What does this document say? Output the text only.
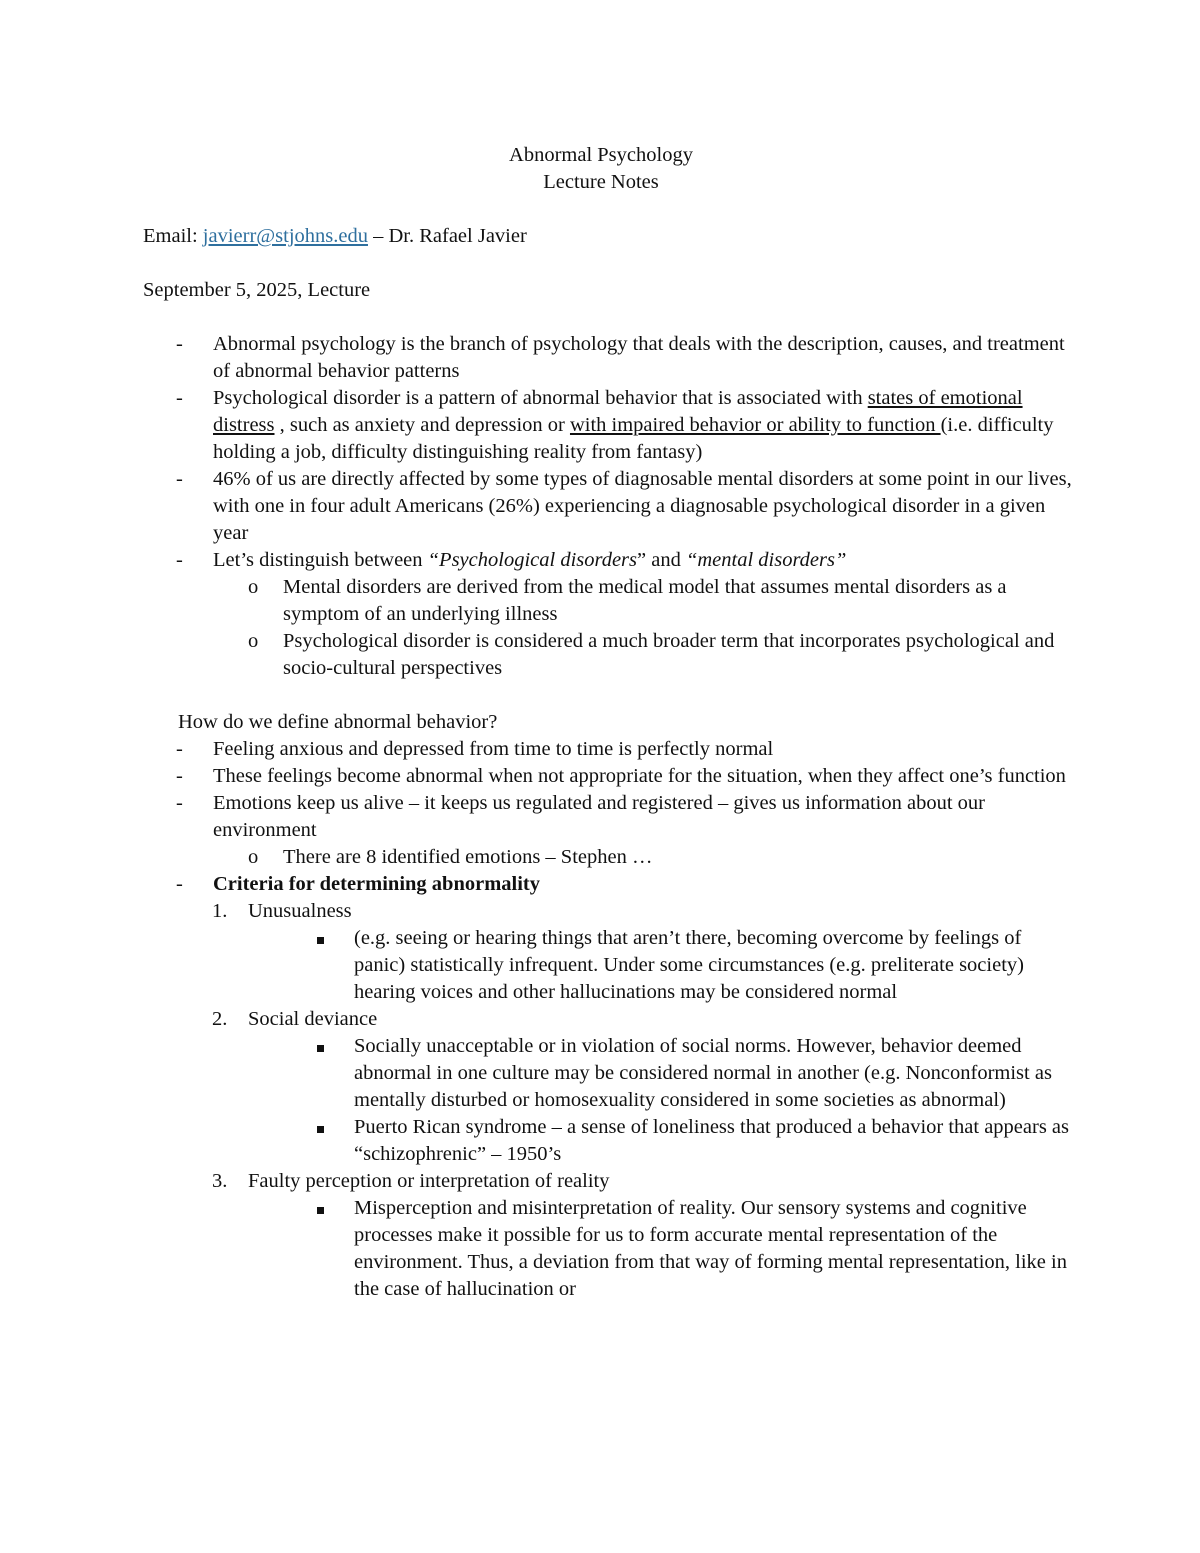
Abnormal Psychology
Lecture Notes
Email: javierr@stjohns.edu – Dr. Rafael Javier
September 5, 2025, Lecture
- Abnormal psychology is the branch of psychology that deals with the description, causes, and treatment of abnormal behavior patterns
- Psychological disorder is a pattern of abnormal behavior that is associated with states of emotional distress , such as anxiety and depression or with impaired behavior or ability to function (i.e. difficulty holding a job, difficulty distinguishing reality from fantasy)
- 46% of us are directly affected by some types of diagnosable mental disorders at some point in our lives, with one in four adult Americans (26%) experiencing a diagnosable psychological disorder in a given year
- Let’s distinguish between “Psychological disorders” and “mental disorders”
o Mental disorders are derived from the medical model that assumes mental disorders as a symptom of an underlying illness
o Psychological disorder is considered a much broader term that incorporates psychological and socio-cultural perspectives
How do we define abnormal behavior?
- Feeling anxious and depressed from time to time is perfectly normal
- These feelings become abnormal when not appropriate for the situation, when they affect one’s function
- Emotions keep us alive – it keeps us regulated and registered – gives us information about our environment
o There are 8 identified emotions – Stephen …
- Criteria for determining abnormality
1. Unusualness
(e.g. seeing or hearing things that aren’t there, becoming overcome by feelings of panic) statistically infrequent. Under some circumstances (e.g. preliterate society) hearing voices and other hallucinations may be considered normal
2. Social deviance
Socially unacceptable or in violation of social norms. However, behavior deemed abnormal in one culture may be considered normal in another (e.g. Nonconformist as mentally disturbed or homosexuality considered in some societies as abnormal)
Puerto Rican syndrome – a sense of loneliness that produced a behavior that appears as “schizophrenic” – 1950’s
3. Faulty perception or interpretation of reality
Misperception and misinterpretation of reality. Our sensory systems and cognitive processes make it possible for us to form accurate mental representation of the environment. Thus, a deviation from that way of forming mental representation, like in the case of hallucination or
